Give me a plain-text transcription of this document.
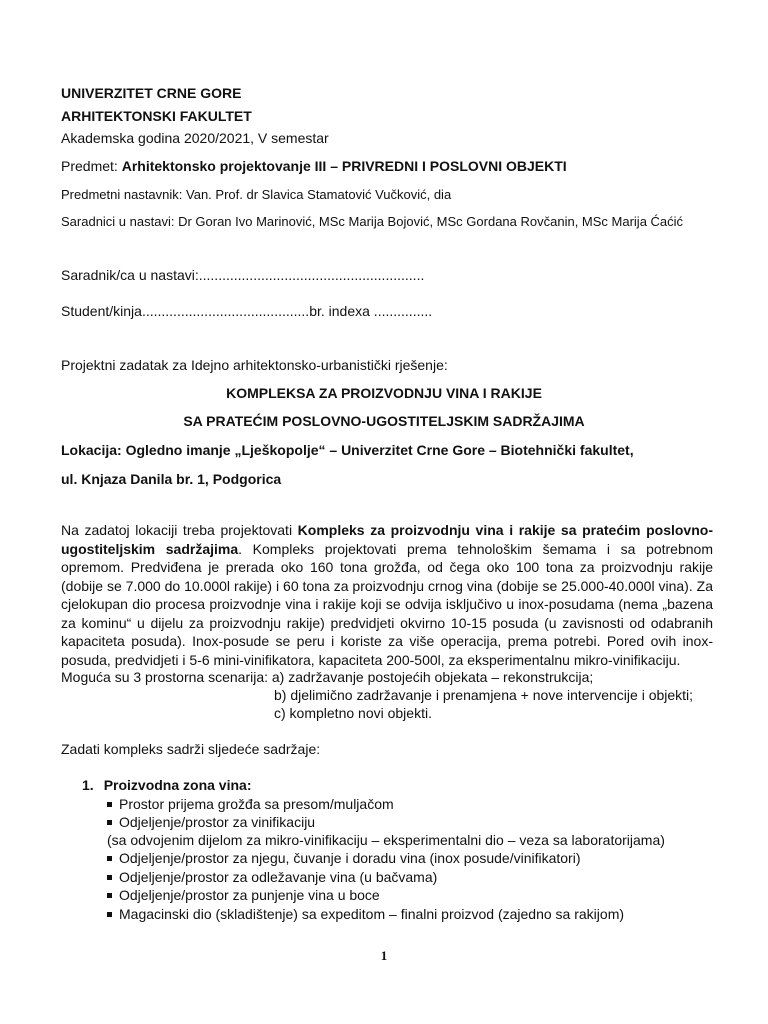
UNIVERZITET CRNE GORE
ARHITEKTONSKI FAKULTET
Akademska godina 2020/2021, V semestar
Predmet: Arhitektonsko projektovanje III – PRIVREDNI I POSLOVNI OBJEKTI
Predmetni nastavnik: Van. Prof. dr Slavica Stamatović Vučković, dia
Saradnici u nastavi: Dr Goran Ivo Marinović, MSc Marija Bojović, MSc Gordana Rovčanin, MSc Marija Ćaćić
Saradnik/ca u nastavi:..........................................................
Student/kinja...........................................br. indexa ...............
Projektni zadatak za Idejno arhitektonsko-urbanistički rješenje:
KOMPLEKSA ZA PROIZVODNJU VINA I RAKIJE
SA PRATEĆIM POSLOVNO-UGOSTITELJSKIM SADRŽAJIMA
Lokacija: Ogledno imanje „Lješkopolje“ – Univerzitet Crne Gore – Biotehnički fakultet,
ul. Knjaza Danila br. 1, Podgorica
Na zadatoj lokaciji treba projektovati Kompleks za proizvodnju vina i rakije sa pratećim poslovno-ugostiteljskim sadržajima. Kompleks projektovati prema tehnološkim šemama i sa potrebnom opremom. Predviđena je prerada oko 160 tona grožđa, od čega oko 100 tona za proizvodnju rakije (dobije se 7.000 do 10.000l rakije) i 60 tona za proizvodnju crnog vina (dobije se 25.000-40.000l vina). Za cjelokupan dio procesa proizvodnje vina i rakije koji se odvija isključivo u inox-posudama (nema „bazena za kominu“ u dijelu za proizvodnju rakije) predvidjeti okvirno 10-15 posuda (u zavisnosti od odabranih kapaciteta posuda). Inox-posude se peru i koriste za više operacija, prema potrebi. Pored ovih inox-posuda, predvidjeti i 5-6 mini-vinifikatora, kapaciteta 200-500l, za eksperimentalnu mikro-vinifikaciju.
Moguća su 3 prostorna scenarija: a) zadržavanje postojećih objekata – rekonstrukcija;
b) djelimično zadržavanje i prenamjena + nove intervencije i objekti;
c) kompletno novi objekti.
Zadati kompleks sadrži sljedeće sadržaje:
1. Proizvodna zona vina:
Prostor prijema grožđa sa presom/muljačom
Odjeljenje/prostor za vinifikaciju
(sa odvojenim dijelom za mikro-vinifikaciju – eksperimentalni dio – veza sa laboratorijama)
Odjeljenje/prostor za njegu, čuvanje i doradu vina (inox posude/vinifikatori)
Odjeljenje/prostor za odležavanje vina (u bačvama)
Odjeljenje/prostor za punjenje vina u boce
Magacinski dio (skladištenje) sa expeditom – finalni proizvod (zajedno sa rakijom)
1
